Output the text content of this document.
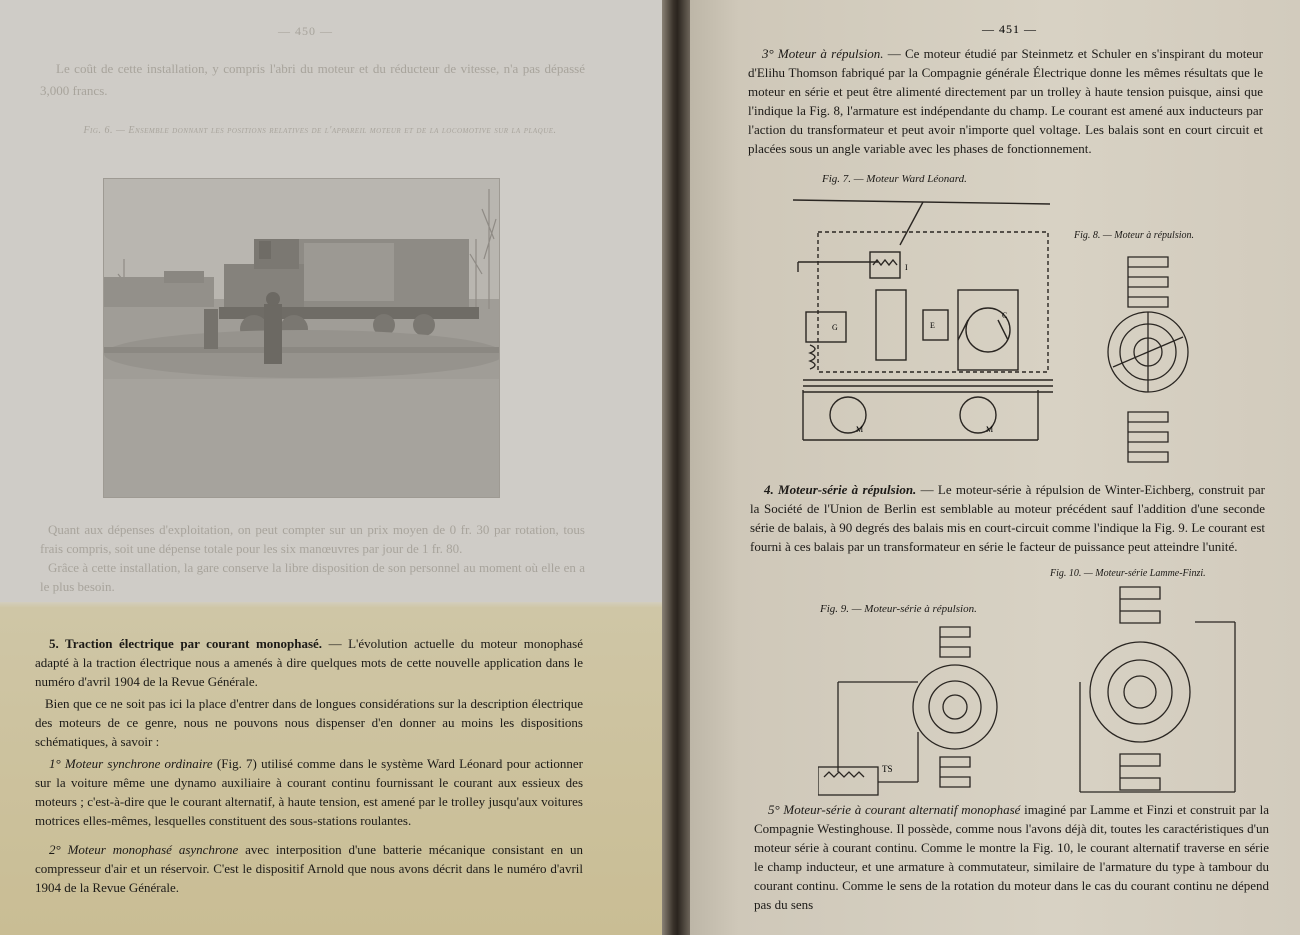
— 450 —

Le coût de cette installation, y compris l'abri du moteur et du réducteur de vitesse, n'a pas dépassé 3,000 francs.

Fig. 6. — Ensemble donnant les positions relatives de l'appareil moteur et de la locomotive sur la plaque.

Quant aux dépenses d'exploitation, on peut compter sur un prix moyen de 0 fr. 30 par rotation, tous frais compris, soit une dépense totale pour les six manœuvres par jour de 1 fr. 80.

Grâce à cette installation, la gare conserve la libre disposition de son personnel au moment où elle en a le plus besoin.

5. Traction électrique par courant monophasé. — L'évolution actuelle du moteur monophasé adapté à la traction électrique nous a amenés à dire quelques mots de cette nouvelle application dans le numéro d'avril 1904 de la Revue Générale.

Bien que ce ne soit pas ici la place d'entrer dans de longues considérations sur la description électrique des moteurs de ce genre, nous ne pouvons nous dispenser d'en donner au moins les dispositions schématiques, à savoir :

1° Moteur synchrone ordinaire (Fig. 7) utilisé comme dans le système Ward Léonard pour actionner sur la voiture même une dynamo auxiliaire à courant continu fournissant le courant aux essieux des moteurs ; c'est-à-dire que le courant alternatif, à haute tension, est amené par le trolley jusqu'aux voitures motrices elles-mêmes, lesquelles constituent des sous-stations roulantes.

2° Moteur monophasé asynchrone avec interposition d'une batterie mécanique consistant en un compresseur d'air et un réservoir. C'est le dispositif Arnold que nous avons décrit dans le numéro d'avril 1904 de la Revue Générale.

— 451 —

3° Moteur à répulsion. — Ce moteur étudié par Steinmetz et Schuler en s'inspirant du moteur d'Elihu Thomson fabriqué par la Compagnie générale Électrique donne les mêmes résultats que le moteur en série et peut être alimenté directement par un trolley à haute tension puisque, ainsi que l'indique la Fig. 8, l'armature est indépendante du champ. Le courant est amené aux inducteurs par l'action du transformateur et peut avoir n'importe quel voltage. Les balais sont en court circuit et placées sous un angle variable avec les phases de fonctionnement.

Fig. 7. — Moteur Ward Léonard.

Fig. 8. — Moteur à répulsion.

I
G	E
C
M	M

4. Moteur-série à répulsion. — Le moteur-série à répulsion de Winter-Eichberg, construit par la Société de l'Union de Berlin est semblable au moteur précédent sauf l'addition d'une seconde série de balais, à 90 degrés des balais mis en court-circuit comme l'indique la Fig. 9. Le courant est fourni à ces balais par un transformateur en série le facteur de puissance peut atteindre l'unité.

Fig. 10. — Moteur-série Lamme-Finzi.

Fig. 9. — Moteur-série à répulsion.

TS

5° Moteur-série à courant alternatif monophasé imaginé par Lamme et Finzi et construit par la Compagnie Westinghouse. Il possède, comme nous l'avons déjà dit, toutes les caractéristiques d'un moteur série à courant continu. Comme le montre la Fig. 10, le courant alternatif traverse en série le champ inducteur, et une armature à commutateur, similaire de l'armature du type à tambour du courant continu. Comme le sens de la rotation du moteur dans le cas du courant continu ne dépend pas du sens
